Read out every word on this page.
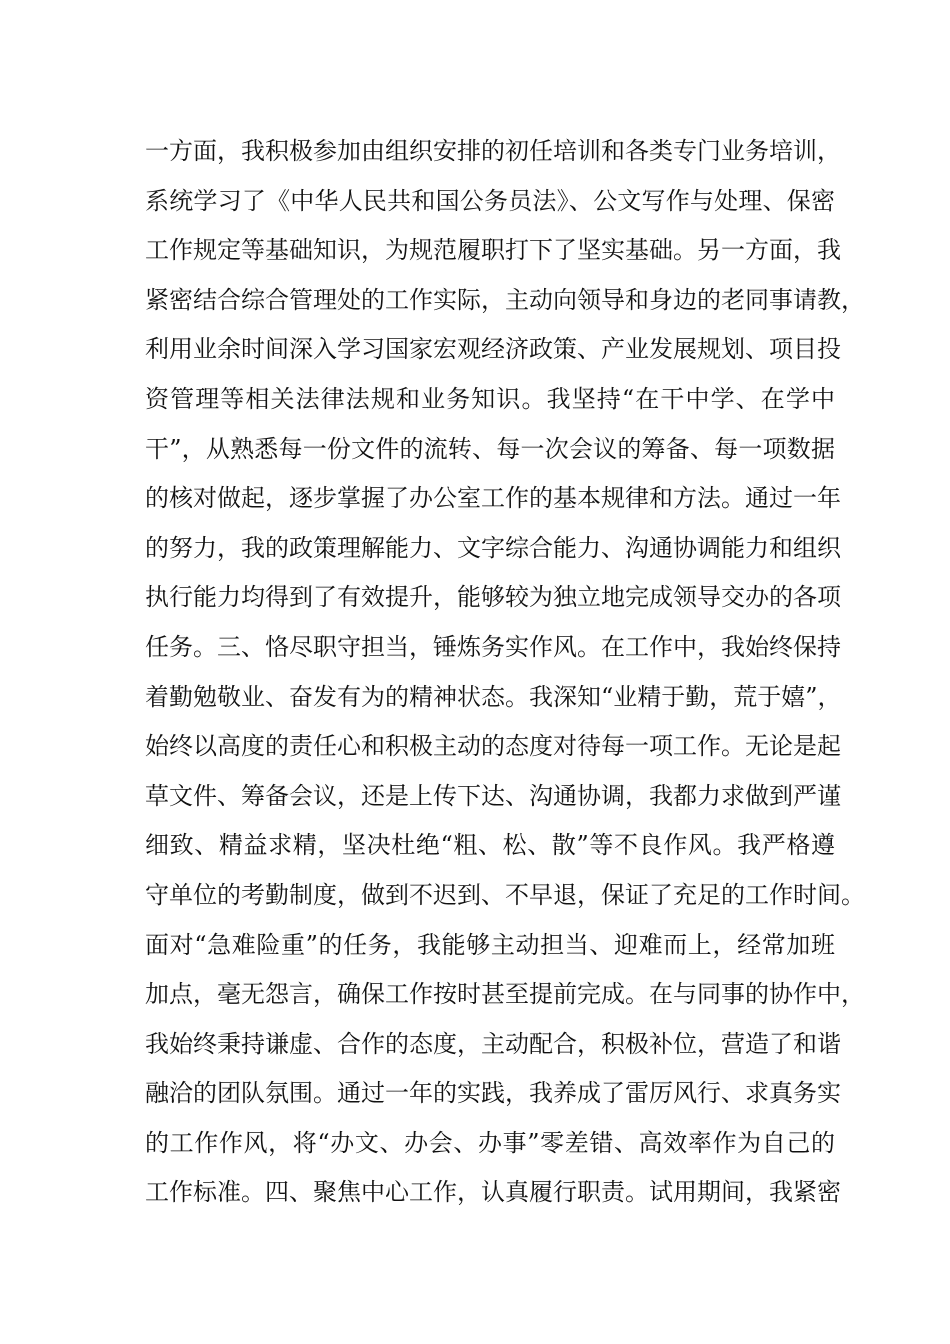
一方面，我积极参加由组织安排的初任培训和各类专门业务培训，
系统学习了《中华人民共和国公务员法》、公文写作与处理、保密
工作规定等基础知识，为规范履职打下了坚实基础。另一方面，我
紧密结合综合管理处的工作实际，主动向领导和身边的老同事请教，
利用业余时间深入学习国家宏观经济政策、产业发展规划、项目投
资管理等相关法律法规和业务知识。我坚持“在干中学、在学中
干”，从熟悉每一份文件的流转、每一次会议的筹备、每一项数据
的核对做起，逐步掌握了办公室工作的基本规律和方法。通过一年
的努力，我的政策理解能力、文字综合能力、沟通协调能力和组织
执行能力均得到了有效提升，能够较为独立地完成领导交办的各项
任务。三、恪尽职守担当，锤炼务实作风。在工作中，我始终保持
着勤勉敬业、奋发有为的精神状态。我深知“业精于勤，荒于嬉”，
始终以高度的责任心和积极主动的态度对待每一项工作。无论是起
草文件、筹备会议，还是上传下达、沟通协调，我都力求做到严谨
细致、精益求精，坚决杜绝“粗、松、散”等不良作风。我严格遵
守单位的考勤制度，做到不迟到、不早退，保证了充足的工作时间。
面对“急难险重”的任务，我能够主动担当、迎难而上，经常加班
加点，毫无怨言，确保工作按时甚至提前完成。在与同事的协作中，
我始终秉持谦虚、合作的态度，主动配合，积极补位，营造了和谐
融洽的团队氛围。通过一年的实践，我养成了雷厉风行、求真务实
的工作作风，将“办文、办会、办事”零差错、高效率作为自己的
工作标准。四、聚焦中心工作，认真履行职责。试用期间，我紧密
